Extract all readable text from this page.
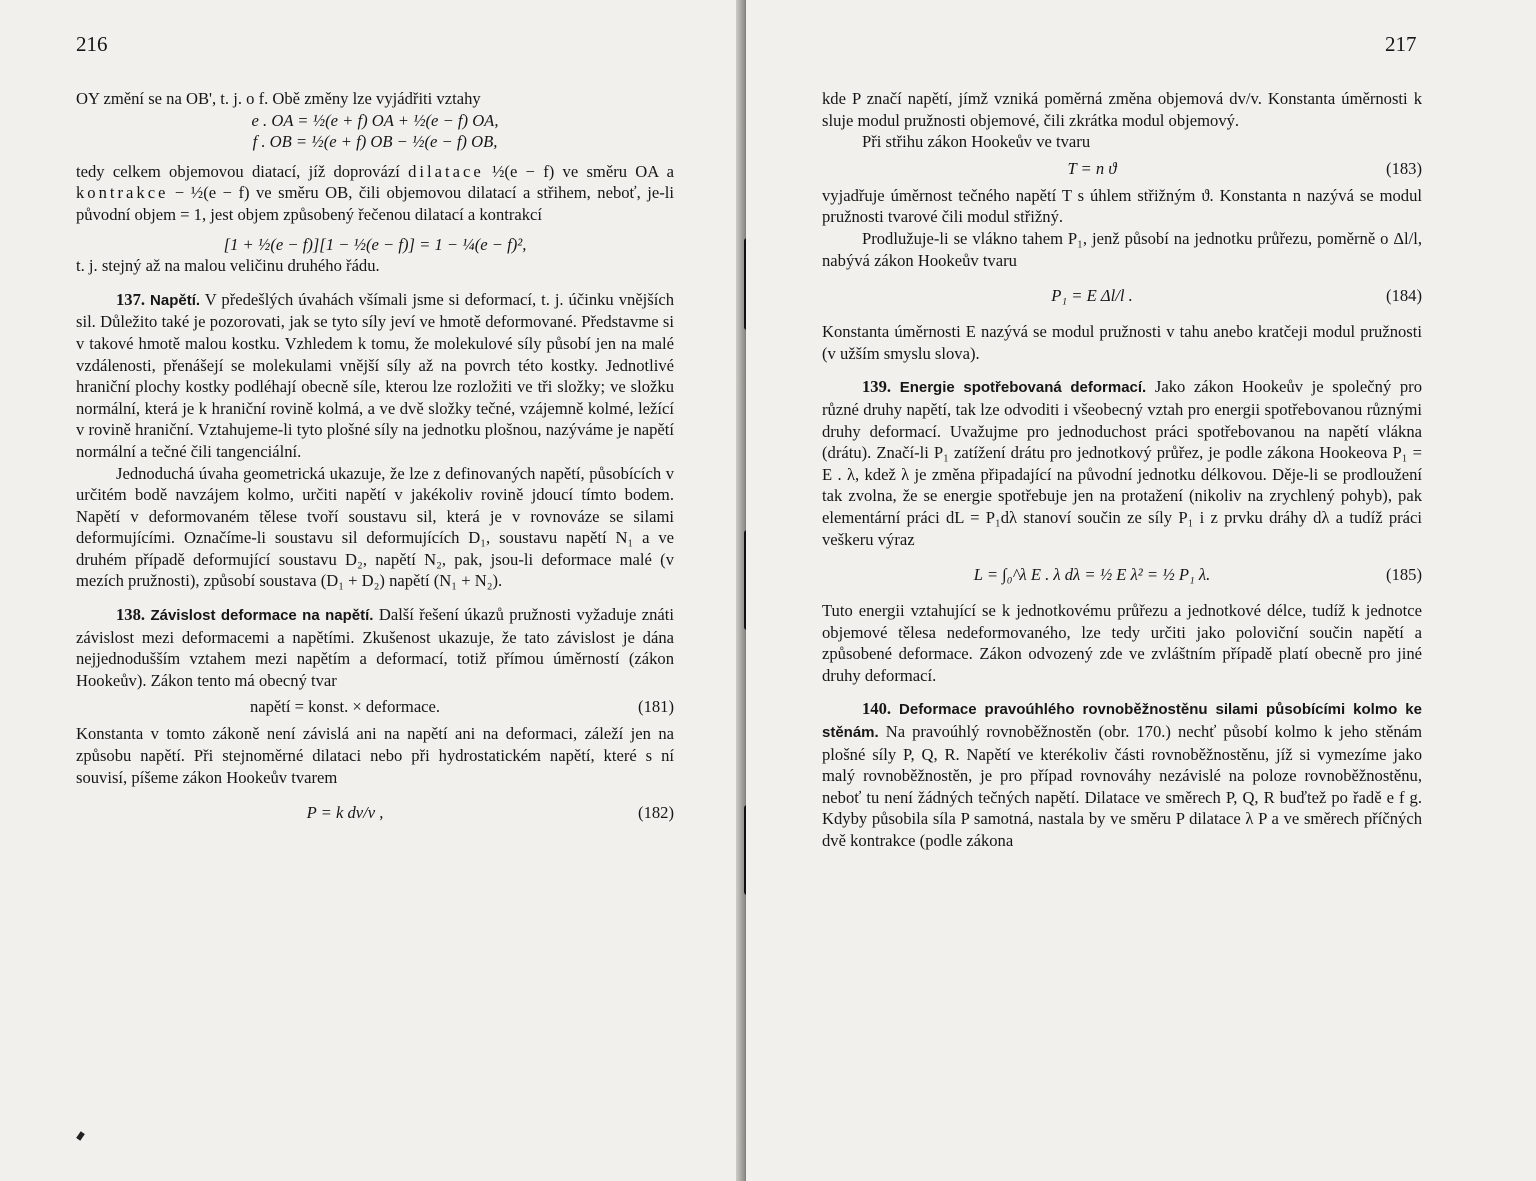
216

OY změní se na OB', t. j. o f. Obě změny lze vyjádřiti vztahy

e . OA = ½(e + f) OA + ½(e − f) OA,
f . OB = ½(e + f) OB − ½(e − f) OB,

tedy celkem objemovou diatací, jíž doprovází dilatace ½(e − f) ve směru OA a kontrakce − ½(e − f) ve směru OB, čili objemovou dilatací a střihem, neboť, je-li původní objem = 1, jest objem způsobený řečenou dilatací a kontrakcí

[1 + ½(e − f)][1 − ½(e − f)] = 1 − ¼(e − f)²,

t. j. stejný až na malou veličinu druhého řádu.

137. Napětí. V předešlých úvahách všímali jsme si deformací, t. j. účinku vnějších sil. Důležito také je pozorovati, jak se tyto síly jeví ve hmotě deformované. Představme si v takové hmotě malou kostku. Vzhledem k tomu, že molekulové síly působí jen na malé vzdálenosti, přenášejí se molekulami vnější síly až na povrch této kostky. Jednotlivé hraniční plochy kostky podléhají obecně síle, kterou lze rozložiti ve tři složky; ve složku normální, která je k hraniční rovině kolmá, a ve dvě složky tečné, vzájemně kolmé, ležící v rovině hraniční. Vztahujeme-li tyto plošné síly na jednotku plošnou, nazýváme je napětí normální a tečné čili tangenciální.

Jednoduchá úvaha geometrická ukazuje, že lze z definovaných napětí, působících v určitém bodě navzájem kolmo, určiti napětí v jakékoliv rovině jdoucí tímto bodem. Napětí v deformovaném tělese tvoří soustavu sil, která je v rovnováze se silami deformujícími. Označíme-li soustavu sil deformujících D₁, soustavu napětí N₁ a ve druhém případě deformující soustavu D₂, napětí N₂, pak, jsou-li deformace malé (v mezích pružnosti), způsobí soustava (D₁ + D₂) napětí (N₁ + N₂).

138. Závislost deformace na napětí. Další řešení úkazů pružnosti vyžaduje znáti závislost mezi deformacemi a napětími. Zkušenost ukazuje, že tato závislost je dána nejjednodušším vztahem mezi napětím a deformací, totiž přímou úměrností (zákon Hookeův). Zákon tento má obecný tvar

napětí = konst. × deformace.	(181)

Konstanta v tomto zákoně není závislá ani na napětí ani na deformaci, záleží jen na způsobu napětí. Při stejnoměrné dilataci nebo při hydrostatickém napětí, které s ní souvisí, píšeme zákon Hookeův tvarem

P = k dv/v ,	(182)
217

kde P značí napětí, jímž vzniká poměrná změna objemová dv/v. Konstanta úměrnosti k sluje modul pružnosti objemové, čili zkrátka modul objemový.

Při střihu zákon Hookeův ve tvaru

T = n ϑ	(183)

vyjadřuje úměrnost tečného napětí T s úhlem střižným ϑ. Konstanta n nazývá se modul pružnosti tvarové čili modul střižný.

Prodlužuje-li se vlákno tahem P₁, jenž působí na jednotku průřezu, poměrně o Δl/l, nabývá zákon Hookeův tvaru

P₁ = E Δl/l .	(184)

Konstanta úměrnosti E nazývá se modul pružnosti v tahu anebo kratčeji modul pružnosti (v užším smyslu slova).

139. Energie spotřebovaná deformací. Jako zákon Hookeův je společný pro různé druhy napětí, tak lze odvoditi i všeobecný vztah pro energii spotřebovanou různými druhy deformací. Uvažujme pro jednoduchost práci spotřebovanou na napětí vlákna (drátu). Značí-li P₁ zatížení drátu pro jednotkový průřez, je podle zákona Hookeova P₁ = E . λ, kdež λ je změna připadající na původní jednotku délkovou. Děje-li se prodloužení tak zvolna, že se energie spotřebuje jen na protažení (nikoliv na zrychlený pohyb), pak elementární práci dL = P₁dλ stanoví součin ze síly P₁ i z prvku dráhy dλ a tudíž práci veškeru výraz

L = ∫₀^λ E . λ dλ = ½ E λ² = ½ P₁ λ.	(185)

Tuto energii vztahující se k jednotkovému průřezu a jednotkové délce, tudíž k jednotce objemové tělesa nedeformovaného, lze tedy určiti jako poloviční součin napětí a způsobené deformace. Zákon odvozený zde ve zvláštním případě platí obecně pro jiné druhy deformací.

140. Deformace pravoúhlého rovnoběžnostěnu silami působícími kolmo ke stěnám. Na pravoúhlý rovnoběžnostěn (obr. 170.) nechť působí kolmo k jeho stěnám plošné síly P, Q, R. Napětí ve kterékoliv části rovnoběžnostěnu, jíž si vymezíme jako malý rovnoběžnostěn, je pro případ rovnováhy nezávislé na poloze rovnoběžnostěnu, neboť tu není žádných tečných napětí. Dilatace ve směrech P, Q, R buďtež po řadě e f g. Kdyby působila síla P samotná, nastala by ve směru P dilatace λ P a ve směrech příčných dvě kontrakce (podle zákona
